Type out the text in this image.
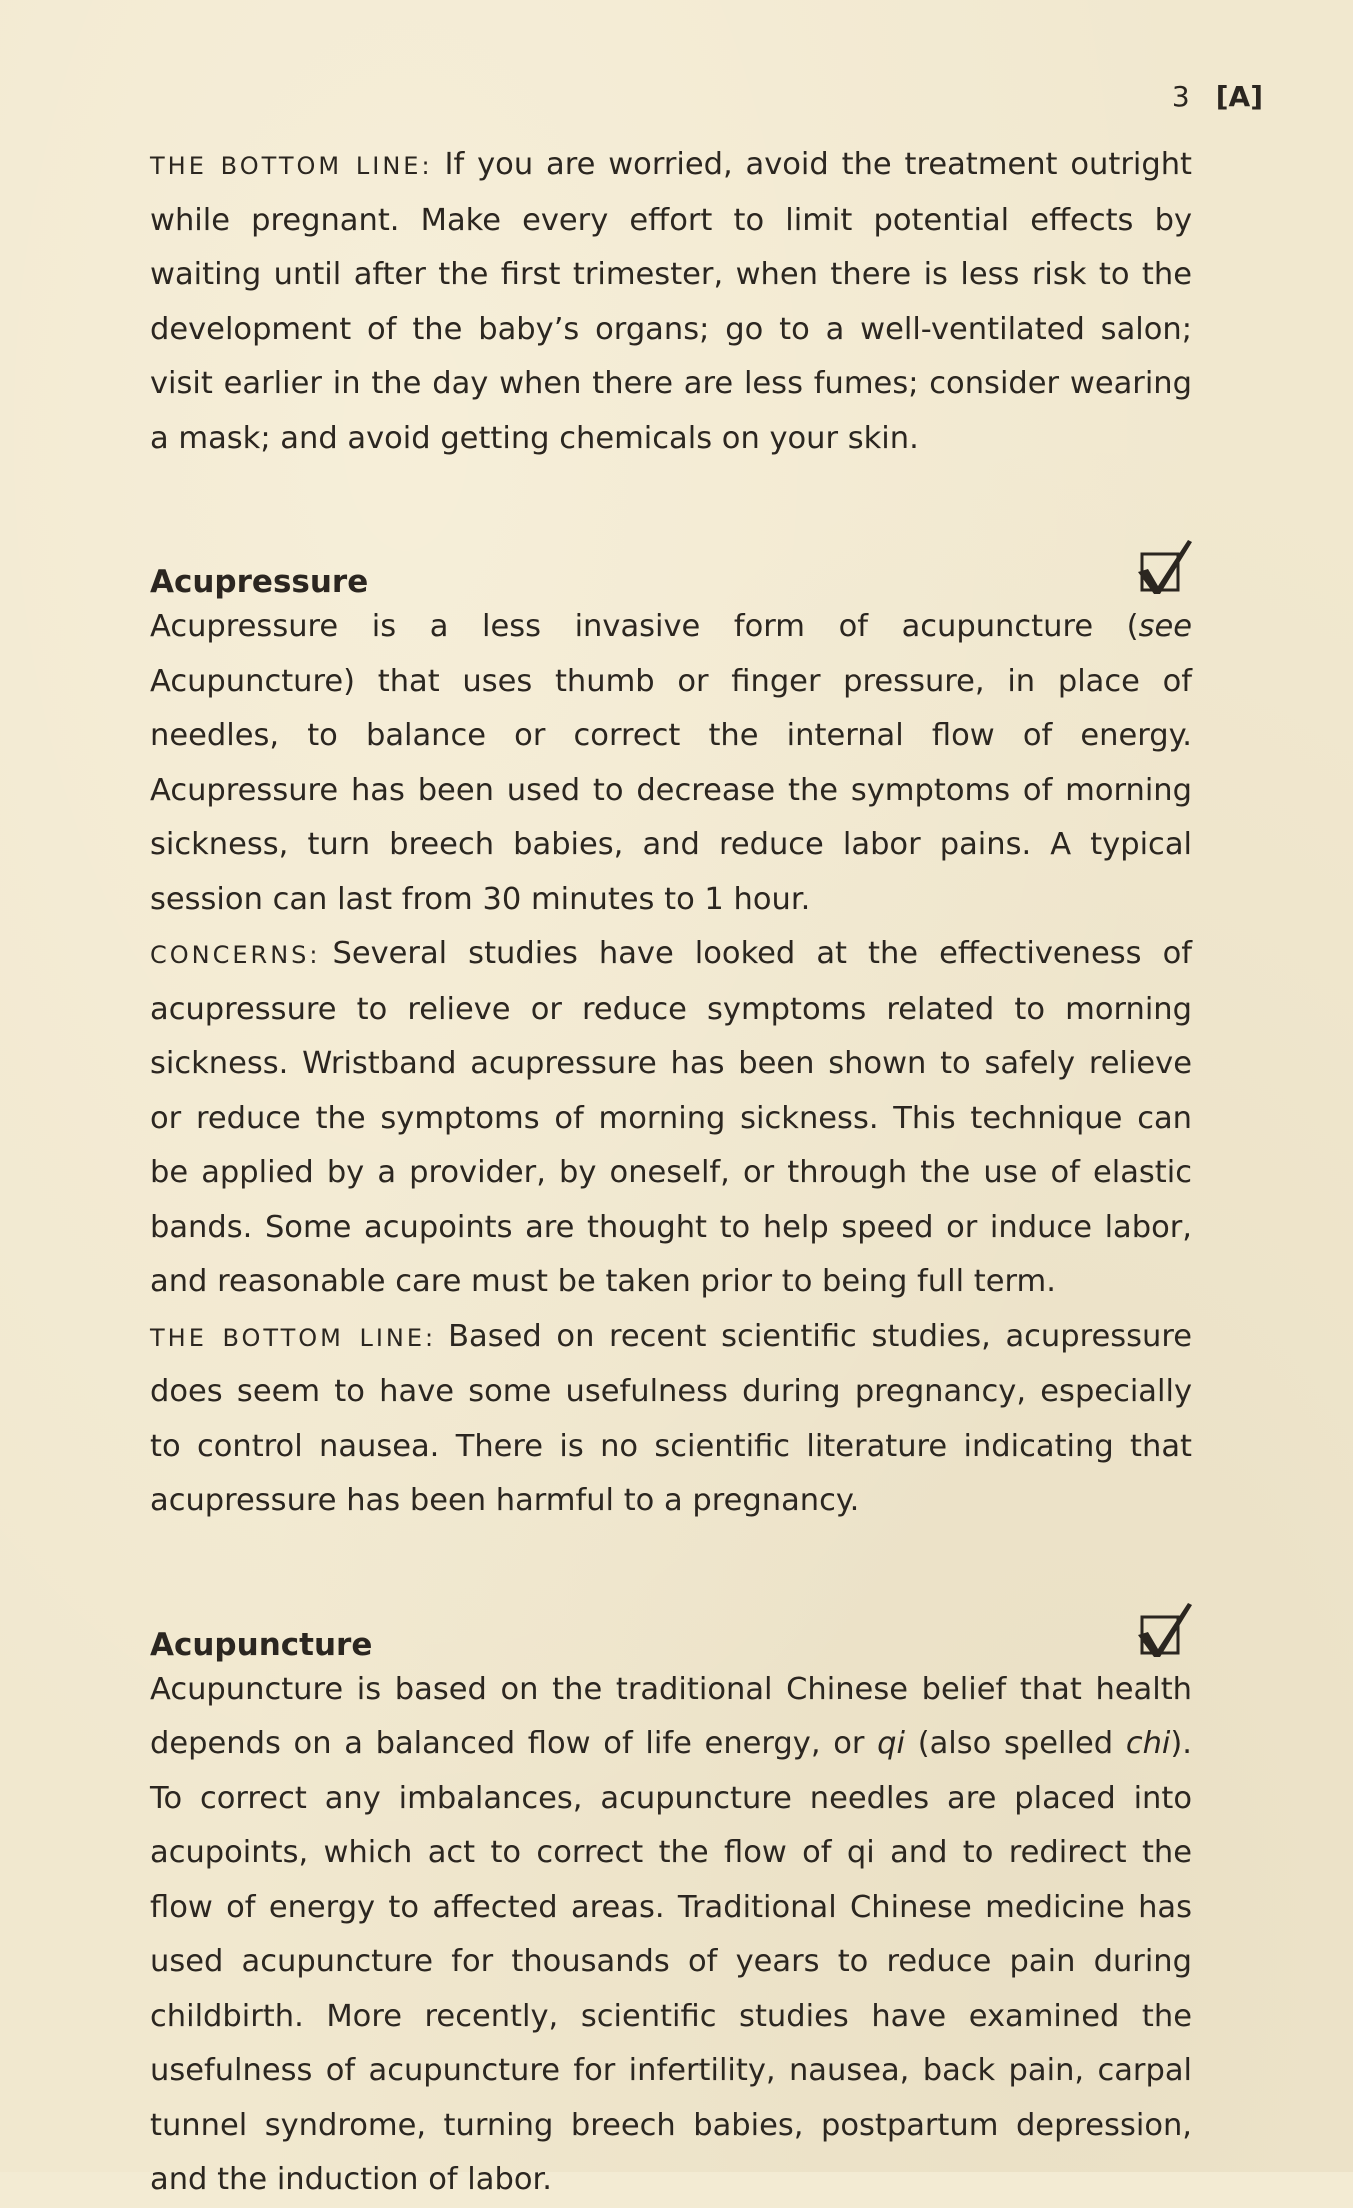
3 [A]

THE BOTTOM LINE: If you are worried, avoid the treatment outright while pregnant. Make every effort to limit potential effects by waiting until after the first trimester, when there is less risk to the development of the baby’s organs; go to a well-ventilated salon; visit earlier in the day when there are less fumes; consider wearing a mask; and avoid getting chemicals on your skin.

Acupressure

Acupressure is a less invasive form of acupuncture (see Acupuncture) that uses thumb or finger pressure, in place of needles, to balance or correct the internal flow of energy. Acupressure has been used to decrease the symptoms of morning sickness, turn breech babies, and reduce labor pains. A typical session can last from 30 minutes to 1 hour.

CONCERNS: Several studies have looked at the effectiveness of acupressure to relieve or reduce symptoms related to morning sickness. Wristband acupressure has been shown to safely relieve or reduce the symptoms of morning sickness. This technique can be applied by a provider, by oneself, or through the use of elastic bands. Some acupoints are thought to help speed or induce labor, and reasonable care must be taken prior to being full term.

THE BOTTOM LINE: Based on recent scientific studies, acupressure does seem to have some usefulness during pregnancy, especially to control nausea. There is no scientific literature indicating that acupressure has been harmful to a pregnancy.

Acupuncture

Acupuncture is based on the traditional Chinese belief that health depends on a balanced flow of life energy, or qi (also spelled chi). To correct any imbalances, acupuncture needles are placed into acupoints, which act to correct the flow of qi and to redirect the flow of energy to affected areas. Traditional Chinese medicine has used acupuncture for thousands of years to reduce pain during childbirth. More recently, scientific studies have examined the usefulness of acupuncture for infertility, nausea, back pain, carpal tunnel syndrome, turning breech babies, postpartum depression, and the induction of labor.
